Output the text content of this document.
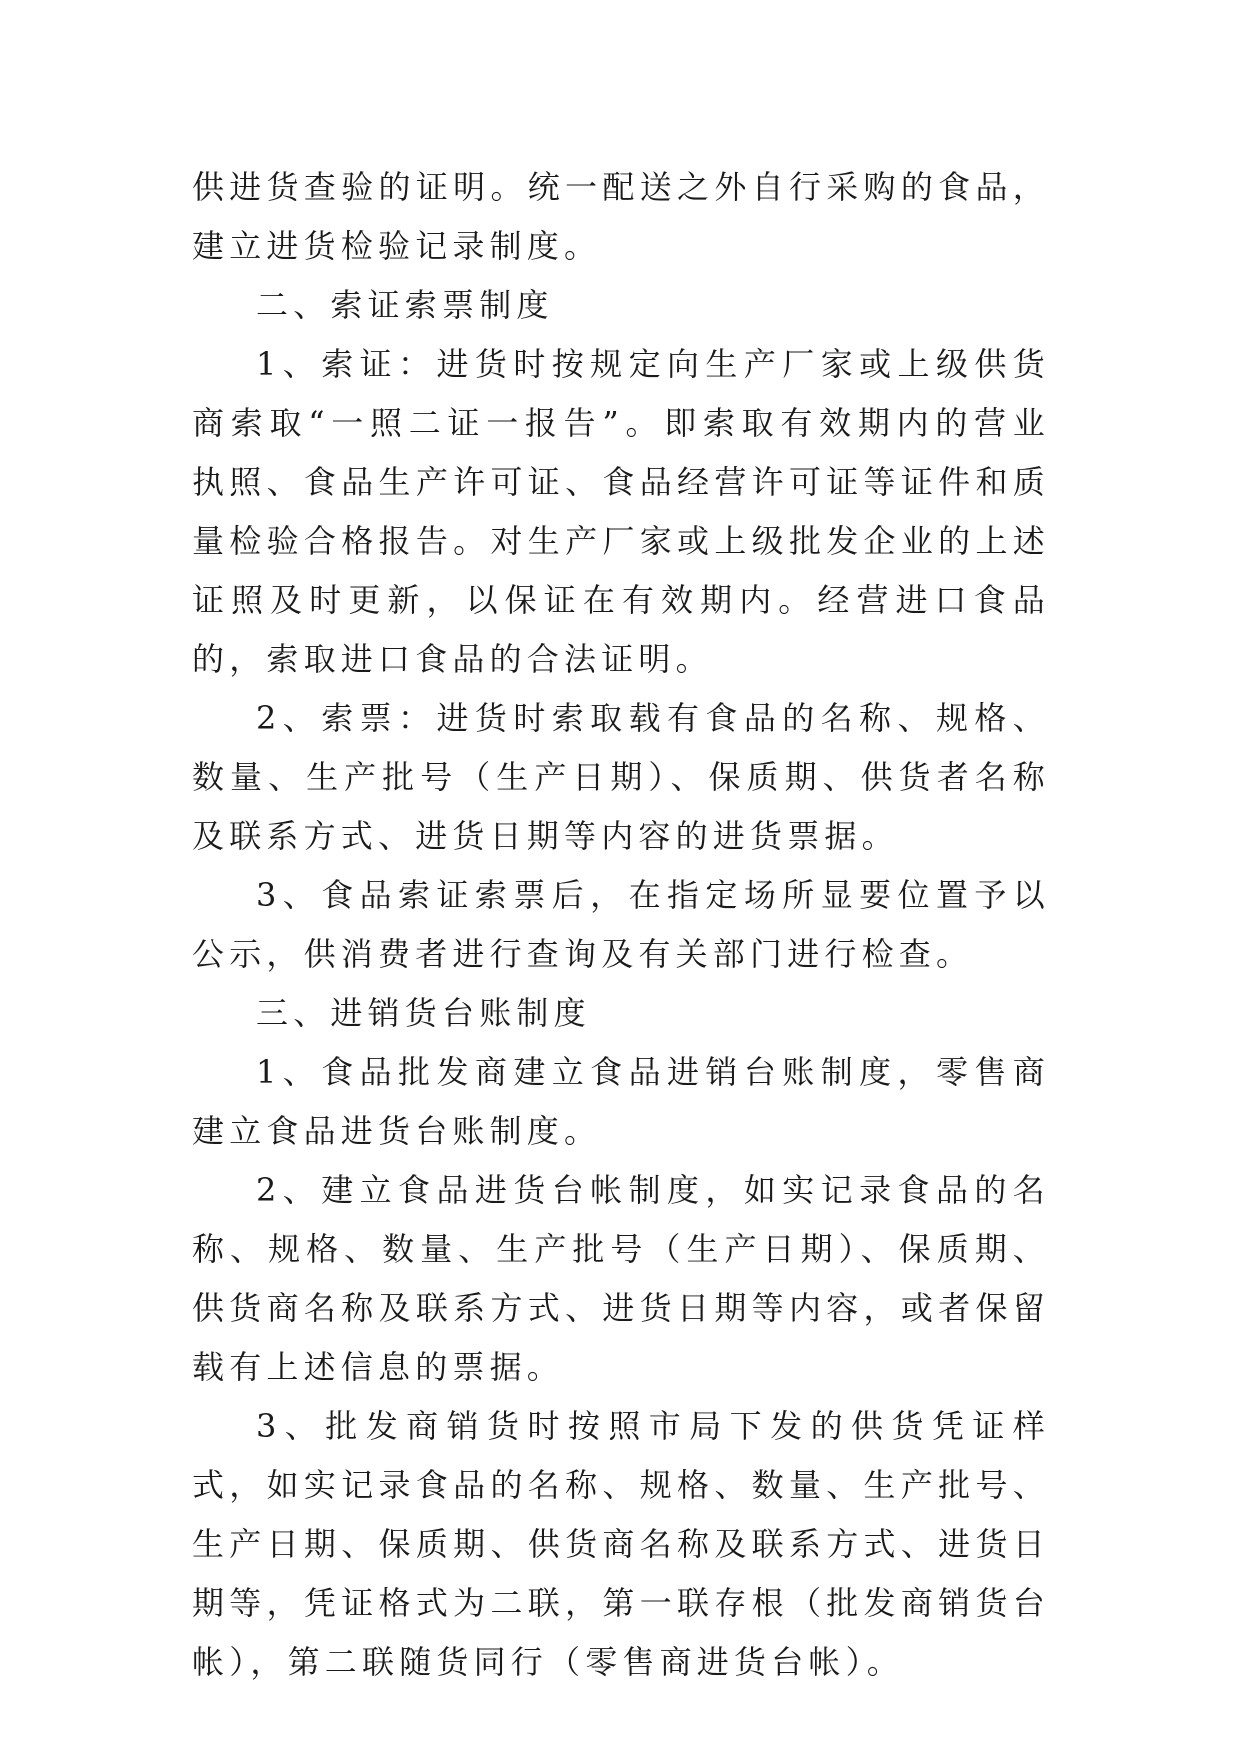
供进货查验的证明。统一配送之外自行采购的食品，建立进货检验记录制度。

二、索证索票制度

1、索证：进货时按规定向生产厂家或上级供货商索取“一照二证一报告”。即索取有效期内的营业执照、食品生产许可证、食品经营许可证等证件和质量检验合格报告。对生产厂家或上级批发企业的上述证照及时更新，以保证在有效期内。经营进口食品的，索取进口食品的合法证明。

2、索票：进货时索取载有食品的名称、规格、数量、生产批号（生产日期）、保质期、供货者名称及联系方式、进货日期等内容的进货票据。

3、食品索证索票后，在指定场所显要位置予以公示，供消费者进行查询及有关部门进行检查。

三、进销货台账制度

1、食品批发商建立食品进销台账制度，零售商建立食品进货台账制度。

2、建立食品进货台帐制度，如实记录食品的名称、规格、数量、生产批号（生产日期）、保质期、供货商名称及联系方式、进货日期等内容，或者保留载有上述信息的票据。

3、批发商销货时按照市局下发的供货凭证样式，如实记录食品的名称、规格、数量、生产批号、生产日期、保质期、供货商名称及联系方式、进货日期等，凭证格式为二联，第一联存根（批发商销货台帐），第二联随货同行（零售商进货台帐）。
